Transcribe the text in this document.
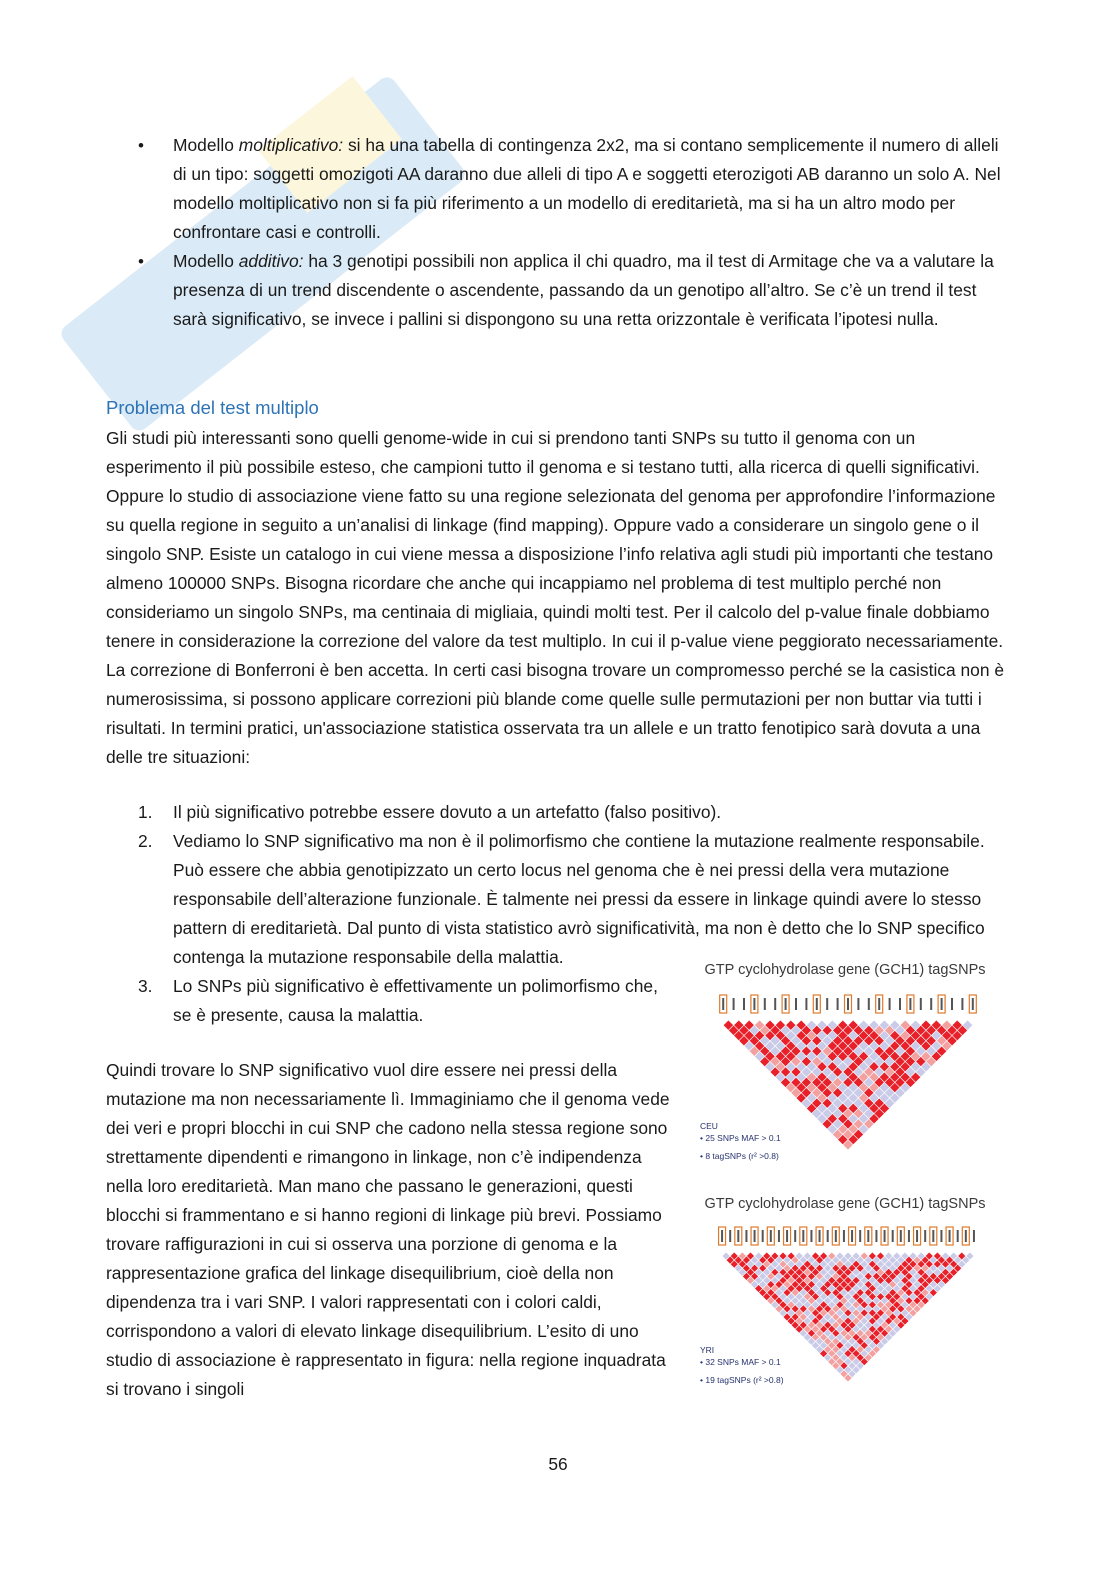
• Modello moltiplicativo: si ha una tabella di contingenza 2x2, ma si contano semplicemente il numero di alleli di un tipo: soggetti omozigoti AA daranno due alleli di tipo A e soggetti eterozigoti AB daranno un solo A. Nel modello moltiplicativo non si fa più riferimento a un modello di ereditarietà, ma si ha un altro modo per confrontare casi e controlli.
• Modello additivo: ha 3 genotipi possibili non applica il chi quadro, ma il test di Armitage che va a valutare la presenza di un trend discendente o ascendente, passando da un genotipo all’altro. Se c’è un trend il test sarà significativo, se invece i pallini si dispongono su una retta orizzontale è verificata l’ipotesi nulla.
Problema del test multiplo

Gli studi più interessanti sono quelli genome-wide in cui si prendono tanti SNPs su tutto il genoma con un esperimento il più possibile esteso, che campioni tutto il genoma e si testano tutti, alla ricerca di quelli significativi. Oppure lo studio di associazione viene fatto su una regione selezionata del genoma per approfondire l’informazione su quella regione in seguito a un’analisi di linkage (find mapping). Oppure vado a considerare un singolo gene o il singolo SNP. Esiste un catalogo in cui viene messa a disposizione l’info relativa agli studi più importanti che testano almeno 100000 SNPs. Bisogna ricordare che anche qui incappiamo nel problema di test multiplo perché non consideriamo un singolo SNPs, ma centinaia di migliaia, quindi molti test. Per il calcolo del p-value finale dobbiamo tenere in considerazione la correzione del valore da test multiplo. In cui il p-value viene peggiorato necessariamente. La correzione di Bonferroni è ben accetta. In certi casi bisogna trovare un compromesso perché se la casistica non è numerosissima, si possono applicare correzioni più blande come quelle sulle permutazioni per non buttar via tutti i risultati. In termini pratici, un'associazione statistica osservata tra un allele e un tratto fenotipico sarà dovuta a una delle tre situazioni:

1. Il più significativo potrebbe essere dovuto a un artefatto (falso positivo).
2. Vediamo lo SNP significativo ma non è il polimorfismo che contiene la mutazione realmente responsabile. Può essere che abbia genotipizzato un certo locus nel genoma che è nei pressi della vera mutazione responsabile dell’alterazione funzionale. È talmente nei pressi da essere in linkage quindi avere lo stesso pattern di ereditarietà. Dal punto di vista statistico avrò significatività, ma non è detto che lo SNP specifico contenga la mutazione responsabile della malattia.
3. Lo SNPs più significativo è effettivamente un polimorfismo che, se è presente, causa la malattia.

Quindi trovare lo SNP significativo vuol dire essere nei pressi della mutazione ma non necessariamente lì. Immaginiamo che il genoma vede dei veri e propri blocchi in cui SNP che cadono nella stessa regione sono strettamente dipendenti e rimangono in linkage, non c’è indipendenza nella loro ereditarietà. Man mano che passano le generazioni, questi blocchi si frammentano e si hanno regioni di linkage più brevi. Possiamo trovare raffigurazioni in cui si osserva una porzione di genoma e la rappresentazione grafica del linkage disequilibrium, cioè della non dipendenza tra i vari SNP. I valori rappresentati con i colori caldi, corrispondono a valori di elevato linkage disequilibrium. L’esito di uno studio di associazione è rappresentato in figura: nella regione inquadrata si trovano i singoli

GTP cyclohydrolase gene (GCH1) tagSNPs
CEU
• 25 SNPs MAF > 0.1
• 8 tagSNPs (r² >0.8)
GTP cyclohydrolase gene (GCH1) tagSNPs
YRI
• 32 SNPs MAF > 0.1
• 19 tagSNPs (r² >0.8)
56
